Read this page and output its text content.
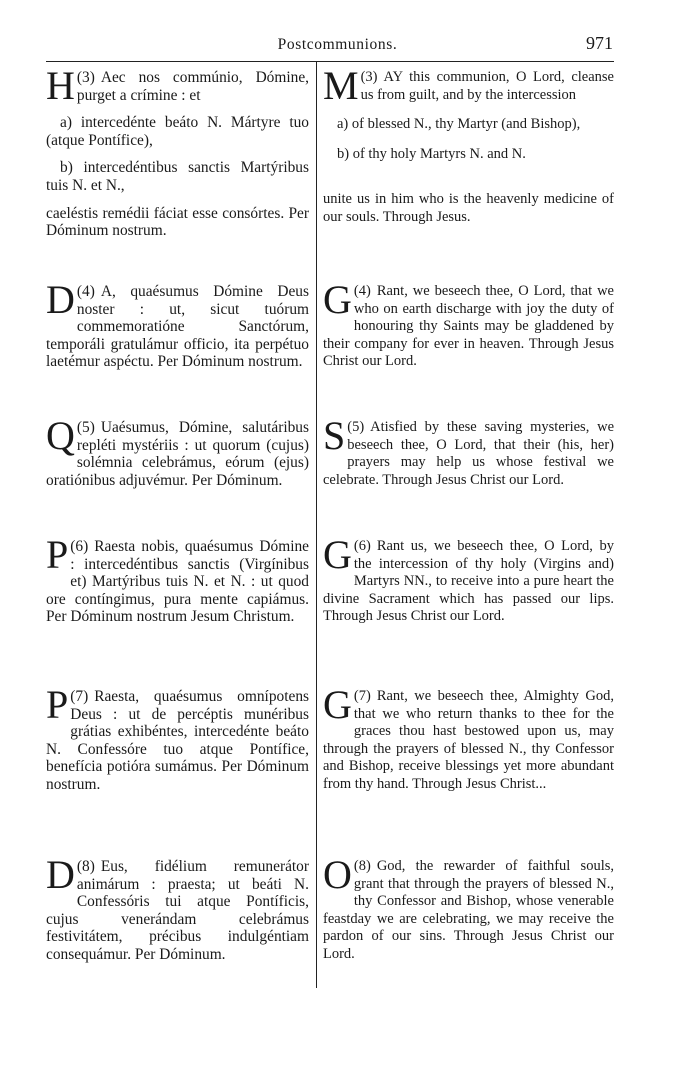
Postcommunions.	971

(3)
H Aec nos commúnio, Dómine, purget a crímine : et

a) intercedénte beáto N. Mártyre tuo (atque Pontífice),

b) intercedéntibus sanctis Martýribus tuis N. et N.,

caeléstis remédii fáciat esse consórtes. Per Dóminum nostrum.

(3)
M AY this communion, O Lord, cleanse us from guilt, and by the intercession

a) of blessed N., thy Martyr (and Bishop),

b) of thy holy Martyrs N. and N.

unite us in him who is the heavenly medicine of our souls. Through Jesus.

(4)
D A, quaésumus Dómine Deus noster : ut, sicut tuórum commemoratióne Sanctórum, temporáli gratulámur officio, ita perpétuo laetémur aspéctu. Per Dóminum nostrum.

(4)
G Rant, we beseech thee, O Lord, that we who on earth discharge with joy the duty of honouring thy Saints may be gladdened by their company for ever in heaven. Through Jesus Christ our Lord.

(5)
Q Uaésumus, Dómine, salutáribus repléti mystériis : ut quorum (cujus) solémnia celebrámus, eórum (ejus) oratiónibus adjuvémur. Per Dóminum.

(5)
S Atisfied by these saving mysteries, we beseech thee, O Lord, that their (his, her) prayers may help us whose festival we celebrate. Through Jesus Christ our Lord.

(6)
P Raesta nobis, quaésumus Dómine : intercedéntibus sanctis (Virgínibus et) Martýribus tuis N. et N. : ut quod ore contíngimus, pura mente capiámus. Per Dóminum nostrum Jesum Christum.

(6)
G Rant us, we beseech thee, O Lord, by the intercession of thy holy (Virgins and) Martyrs NN., to receive into a pure heart the divine Sacrament which has passed our lips. Through Jesus Christ our Lord.

(7)
P Raesta, quaésumus omnípotens Deus : ut de percéptis munéribus grátias exhibéntes, intercedénte beáto N. Confessóre tuo atque Pontífice, benefícia potióra sumámus. Per Dóminum nostrum.

(7)
G Rant, we beseech thee, Almighty God, that we who return thanks to thee for the graces thou hast bestowed upon us, may through the prayers of blessed N., thy Confessor and Bishop, receive blessings yet more abundant from thy hand. Through Jesus Christ...

(8)
D Eus, fidélium remunerátor animárum : praesta; ut beáti N. Confessóris tui atque Pontíficis, cujus venerándam celebrámus festivitátem, précibus indulgéntiam consequámur. Per Dóminum.

(8)
O God, the rewarder of faithful souls, grant that through the prayers of blessed N., thy Confessor and Bishop, whose venerable feastday we are celebrating, we may receive the pardon of our sins. Through Jesus Christ our Lord.
